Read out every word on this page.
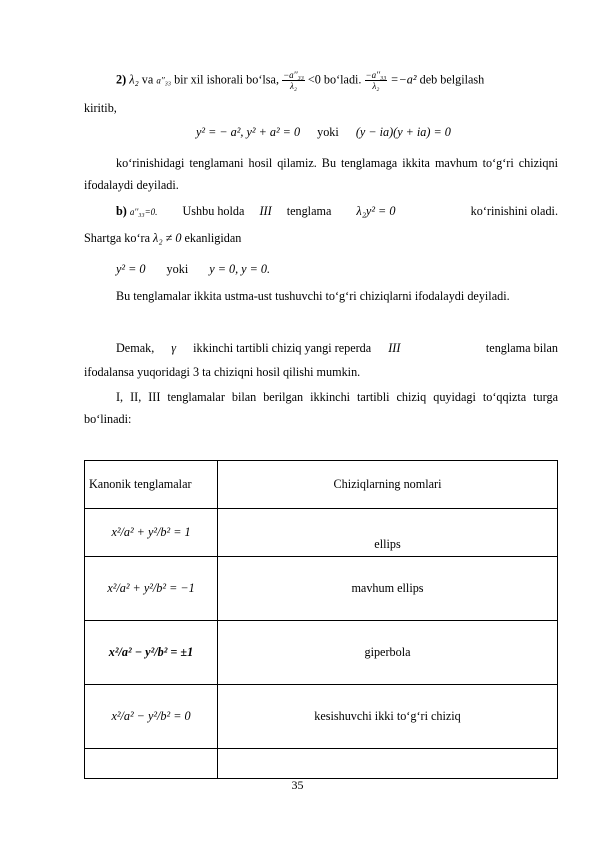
2) λ₂ va a′′₃₃ bir xil ishorali bo‘lsa, $\frac{\text{−a′′₃₃}}{\text{λ₂}} <0$ bo‘ladi. $\frac{\text{−a′′₃₃}}{\text{λ₂}} =-a^2$ deb belgilash
kiritib,
y² = − a², y² + a² = 0 yoki (y − ia)(y + ia) = 0
ko‘rinishidagi tenglamani hosil qilamiz. Bu tenglamaga ikkita mavhum to‘g‘ri chiziqni ifodalaydi deyiladi.
b) a′′₃₃=0. Ushbu holda III tenglama λ₂y² = 0	ko‘rinishini oladi.
Shartga ko‘ra λ₂ ≠ 0 ekanligidan
y² = 0 yoki y = 0, y = 0.
Bu tenglamalar ikkita ustma-ust tushuvchi to‘g‘ri chiziqlarni ifodalaydi deyiladi.
Demak, γ ikkinchi tartibli chiziq yangi reperda III	tenglama bilan
ifodalansa yuqoridagi 3 ta chiziqni hosil qilishi mumkin.
I, II, III tenglamalar bilan berilgan ikkinchi tartibli chiziq quyidagi to‘qqizta turga bo‘linadi:
Kanonik tenglamalar	Chiziqlarning nomlari
x²/a² + y²/b² = 1	ellips
x²/a² + y²/b² = −1	mavhum ellips
x²/a² − y²/b² = ±1	giperbola
x²/a² − y²/b² = 0	kesishuvchi ikki to‘g‘ri chiziq

35
